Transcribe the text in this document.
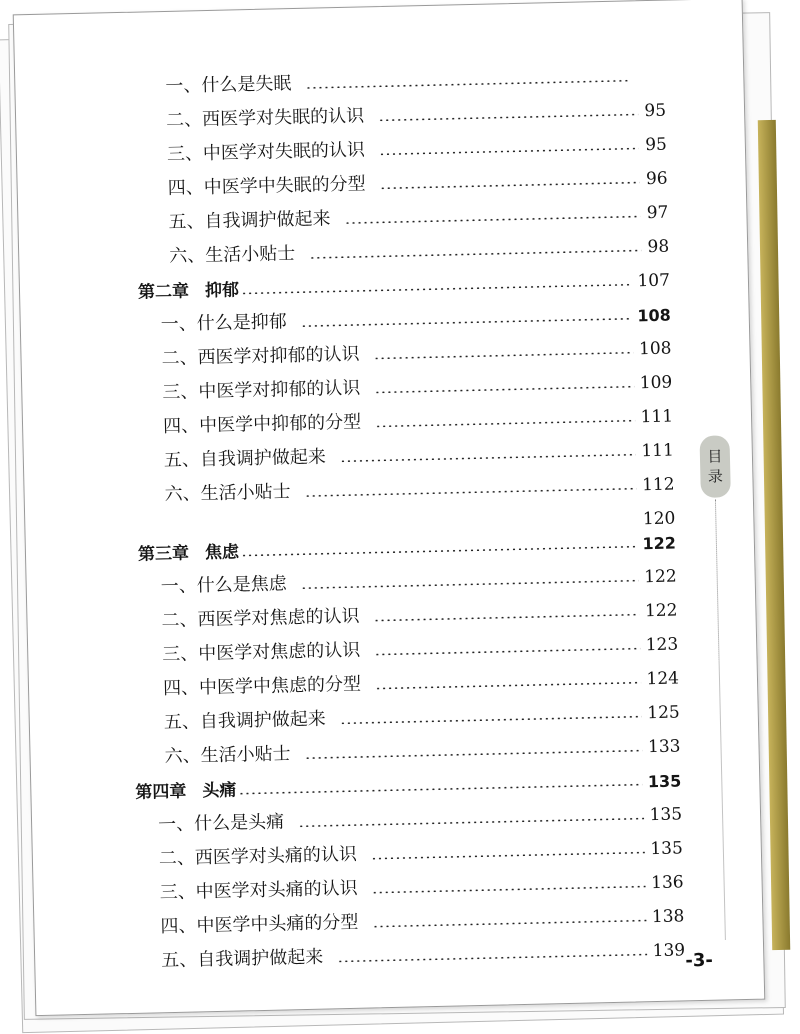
一、什么是失眠
二、西医学对失眠的认识	95
三、中医学对失眠的认识	95
四、中医学中失眠的分型	96
五、自我调护做起来	97
六、生活小贴士	98
第二章 抑郁	107
一、什么是抑郁	108
二、西医学对抑郁的认识	108
三、中医学对抑郁的认识	109
四、中医学中抑郁的分型	111
五、自我调护做起来	111
六、生活小贴士	112
120
第三章 焦虑	122
一、什么是焦虑	122
二、西医学对焦虑的认识	122
三、中医学对焦虑的认识	123
四、中医学中焦虑的分型	124
五、自我调护做起来	125
六、生活小贴士	133
第四章 头痛	135
一、什么是头痛	135
二、西医学对头痛的认识	135
三、中医学对头痛的认识	136
四、中医学中头痛的分型	138
五、自我调护做起来	139
目
录
-3-
